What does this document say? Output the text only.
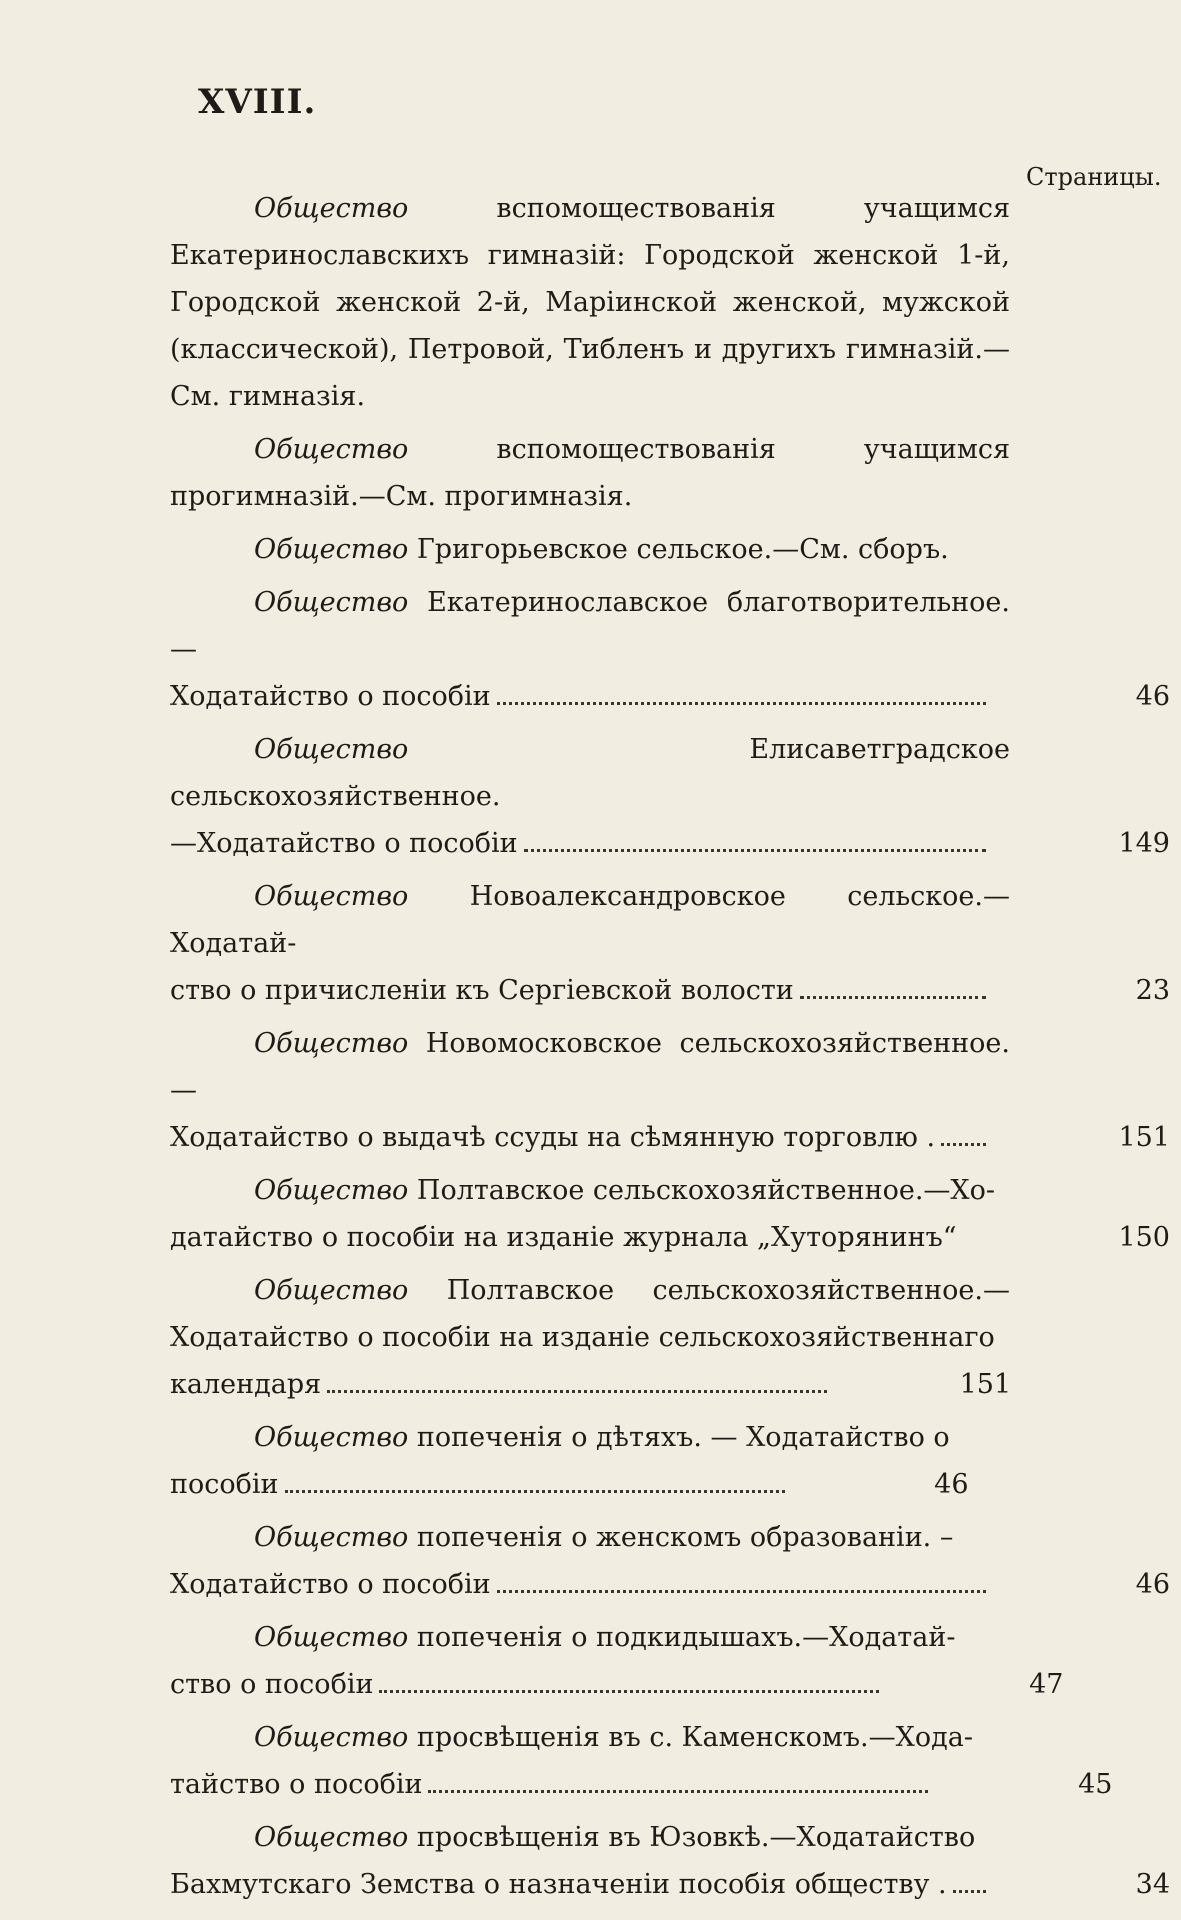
XVIII.
Страницы.
Общество	вспомоществованія учащимся Екатеринославскихъ гимназій: Городской женской 1-й, Городской женской 2-й, Маріинской женской, мужской (классической), Петровой, Тибленъ и другихъ гимназій.—См. гимназія.
Общество	вспомоществованія учащимся прогимназій.—См. прогимназія.
Общество Григорьевское сельское.—См. сборъ.
Общество Екатеринославское благотворительное.—
Ходатайство о пособіи	46
Общество	Елисаветградское сельскохозяйственное.
—Ходатайство о пособіи	149
Общество Новоалександровское сельское.—Ходатай-
ство о причисленіи къ Сергіевской волости	23
Общество Новомосковское сельскохозяйственное.—
Ходатайство о выдачѣ ссуды на сѣмянную торговлю .	151
Общество Полтавское сельскохозяйственное.—Хо-
датайство о пособіи на изданіе журнала „Хуторянинъ“	150
Общество Полтавское сельскохозяйственное.—Ходатайство о пособіи на изданіе сельскохозяйственнаго
календаря	151
Общество попеченія о дѣтяхъ. — Ходатайство о
пособіи	46
Общество попеченія о женскомъ образованіи. –
Ходатайство о пособіи	46
Общество попеченія о подкидышахъ.—Ходатай-
ство о пособіи	47
Общество просвѣщенія въ с. Каменскомъ.—Хода-
тайство о пособіи	45
Общество просвѣщенія въ Юзовкѣ.—Ходатайство
Бахмутскаго Земства о назначеніи пособія обществу .	34
